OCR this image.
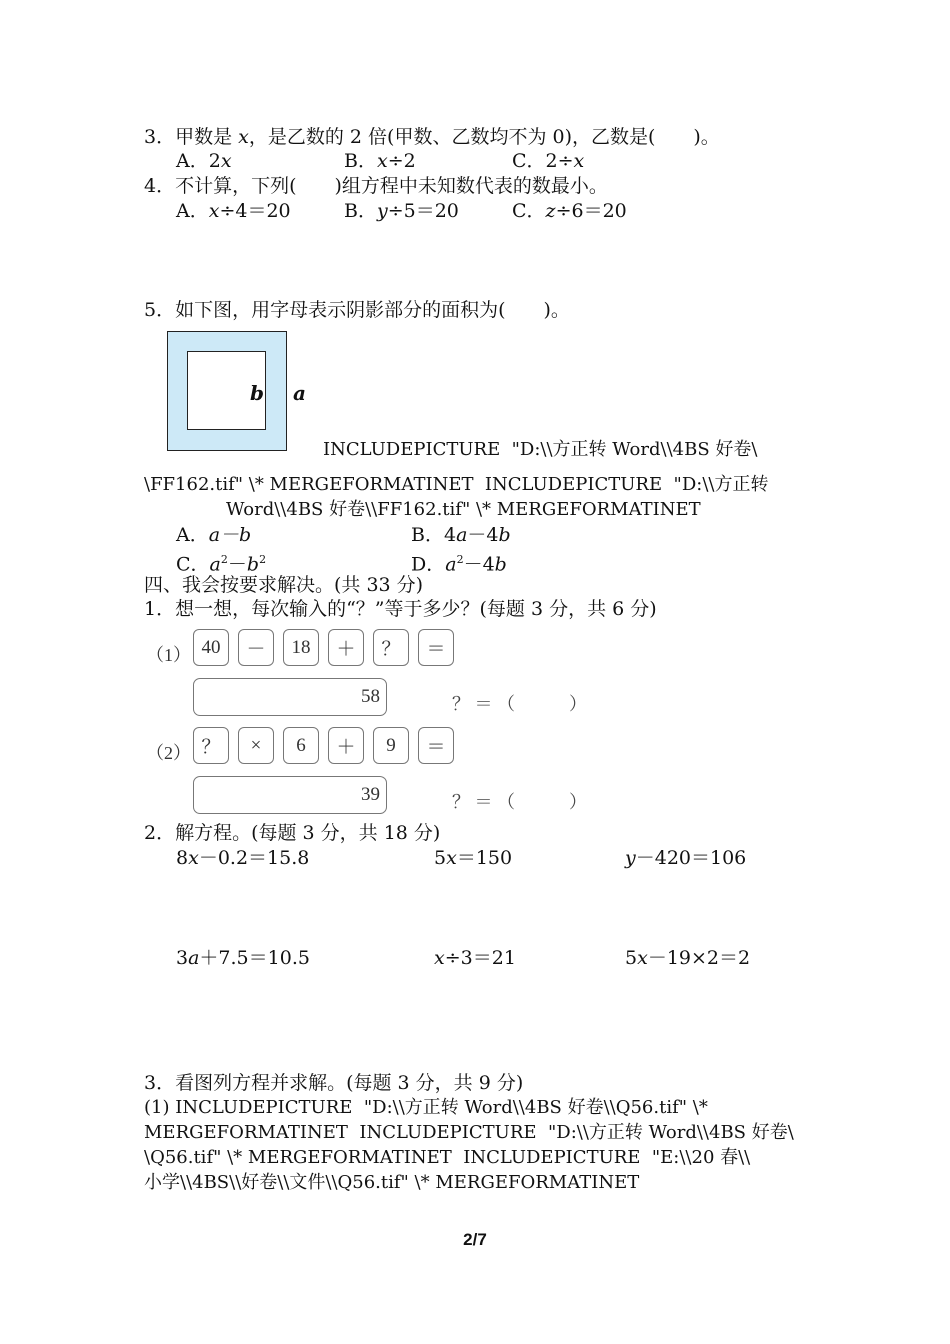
3．甲数是 x，是乙数的 2 倍(甲数、乙数均不为 0)，乙数是(　　)。
A．2x	B．x÷2	C．2÷x
4．不计算，下列(　　)组方程中未知数代表的数最小。
A．x÷4＝20	B．y÷5＝20	C．z÷6＝20
5．如下图，用字母表示阴影部分的面积为(　　)。
b a
INCLUDEPICTURE  "D:\\方正转 Word\\4BS 好卷\
\FF162.tif" \* MERGEFORMATINET  INCLUDEPICTURE  "D:\\方正转
Word\\4BS 好卷\\FF162.tif" \* MERGEFORMATINET
A．a－b	B．4a－4b
C．$a^2-b^2$	D．$a^2-4b$
四、我会按要求解决。(共 33 分)
1．想一想，每次输入的“？”等于多少？(每题 3 分，共 6 分)
（1） 40	－	18	＋	？	＝
58	？ ＝ （　　　）
（2） ？	×	6	＋	9	＝
39	？ ＝ （　　　）
2．解方程。(每题 3 分，共 18 分)
8x－0.2＝15.8	5x＝150	y－420＝106
3a＋7.5＝10.5	x÷3＝21	5x－19×2＝2
3．看图列方程并求解。(每题 3 分，共 9 分)
(1) INCLUDEPICTURE  "D:\\方正转 Word\\4BS 好卷\\Q56.tif" \*
MERGEFORMATINET  INCLUDEPICTURE  "D:\\方正转 Word\\4BS 好卷\
\Q56.tif" \* MERGEFORMATINET  INCLUDEPICTURE  "E:\\20 春\\
小学\\4BS\\好卷\\文件\\Q56.tif" \* MERGEFORMATINET
2/7
